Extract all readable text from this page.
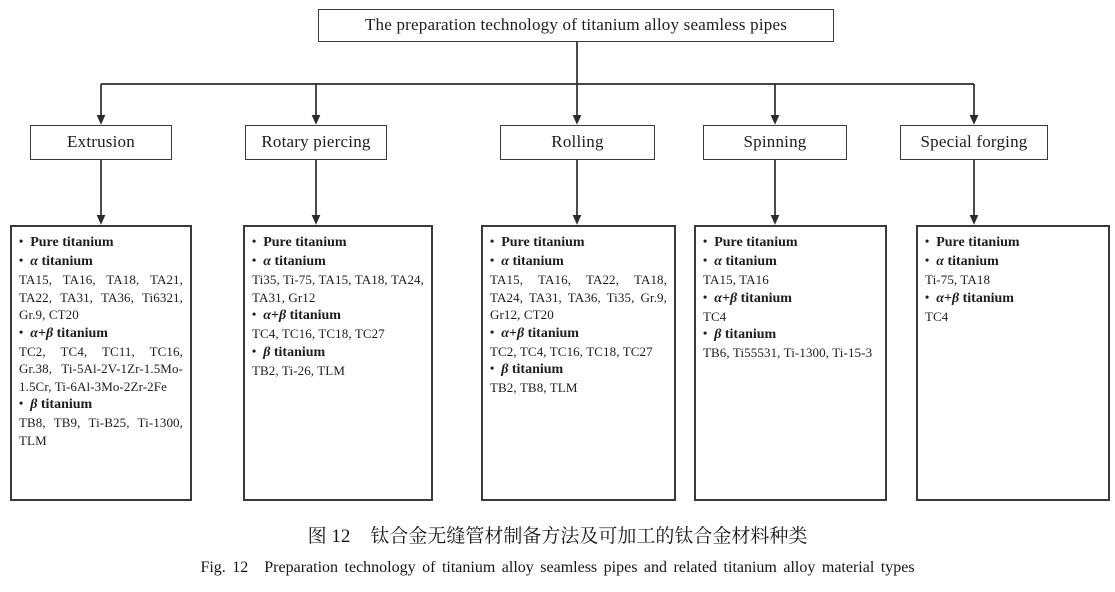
The preparation technology of titanium alloy seamless pipes
Extrusion	Rotary piercing	Rolling	Spinning	Special forging
• Pure titanium
• α titanium
TA15, TA16, TA18, TA21, TA22, TA31, TA36, Ti6321, Gr.9, CT20
• α+β titanium
TC2, TC4, TC11, TC16, Gr.38, Ti-5Al-2V-1Zr-1.5Mo-1.5Cr, Ti-6Al-3Mo-2Zr-2Fe
• β titanium
TB8, TB9, Ti-B25, Ti-1300, TLM
• Pure titanium
• α titanium
Ti35, Ti-75, TA15, TA18, TA24, TA31, Gr12
• α+β titanium
TC4, TC16, TC18, TC27
• β titanium
TB2, Ti-26, TLM
• Pure titanium
• α titanium
TA15, TA16, TA22, TA18, TA24, TA31, TA36, Ti35, Gr.9, Gr12, CT20
• α+β titanium
TC2, TC4, TC16, TC18, TC27
• β titanium
TB2, TB8, TLM
• Pure titanium
• α titanium
TA15, TA16
• α+β titanium
TC4
• β titanium
TB6, Ti55531, Ti-1300, Ti-15-3
• Pure titanium
• α titanium
Ti-75, TA18
• α+β titanium
TC4
图 12 钛合金无缝管材制备方法及可加工的钛合金材料种类
Fig. 12 Preparation technology of titanium alloy seamless pipes and related titanium alloy material types
